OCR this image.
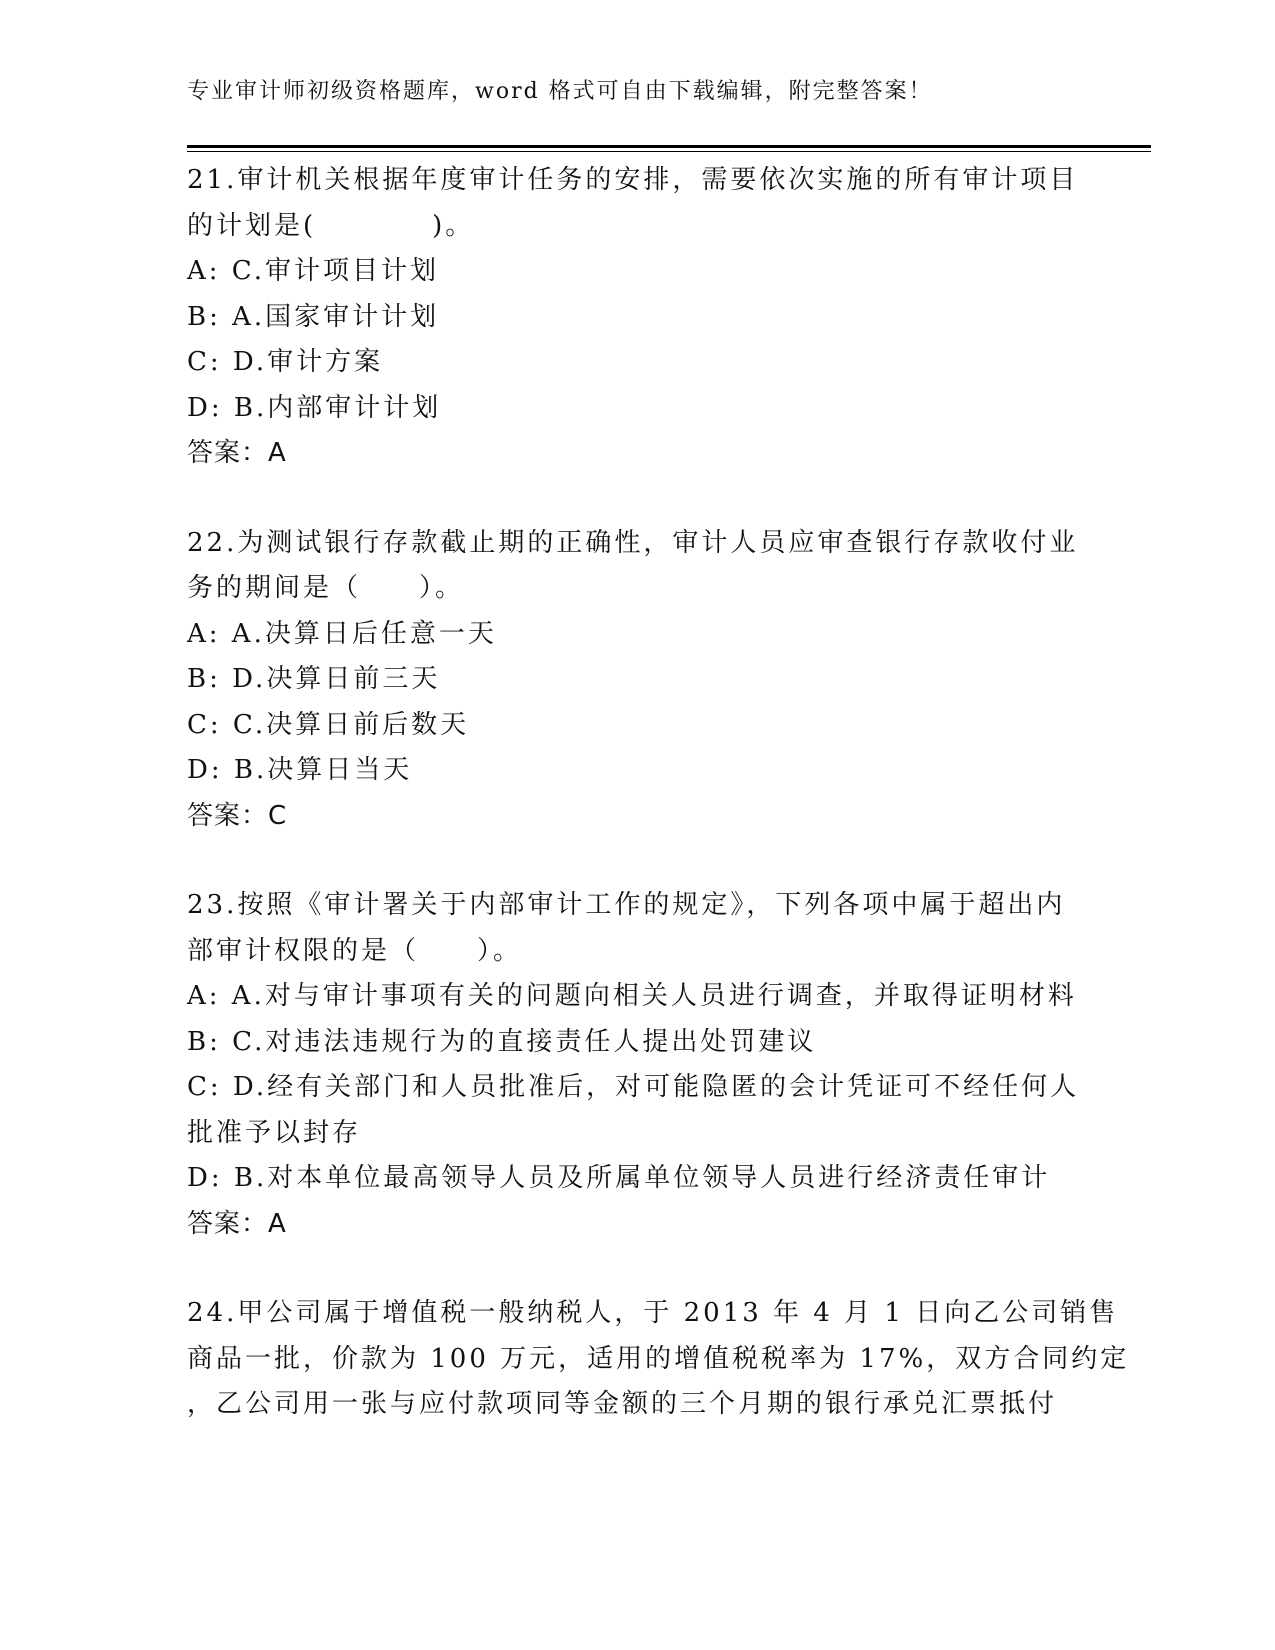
专业审计师初级资格题库，word 格式可自由下载编辑，附完整答案！
21.审计机关根据年度审计任务的安排，需要依次实施的所有审计项目
的计划是(　　　　)。
A: C.审计项目计划
B: A.国家审计计划
C: D.审计方案
D: B.内部审计计划
答案：A
22.为测试银行存款截止期的正确性，审计人员应审查银行存款收付业
务的期间是（　　）。
A: A.决算日后任意一天
B: D.决算日前三天
C: C.决算日前后数天
D: B.决算日当天
答案：C
23.按照《审计署关于内部审计工作的规定》，下列各项中属于超出内
部审计权限的是（　　）。
A: A.对与审计事项有关的问题向相关人员进行调查，并取得证明材料
B: C.对违法违规行为的直接责任人提出处罚建议
C: D.经有关部门和人员批准后，对可能隐匿的会计凭证可不经任何人
批准予以封存
D: B.对本单位最高领导人员及所属单位领导人员进行经济责任审计
答案：A
24.甲公司属于增值税一般纳税人，于 2013 年 4 月 1 日向乙公司销售
商品一批，价款为 100 万元，适用的增值税税率为 17%，双方合同约定
，乙公司用一张与应付款项同等金额的三个月期的银行承兑汇票抵付
